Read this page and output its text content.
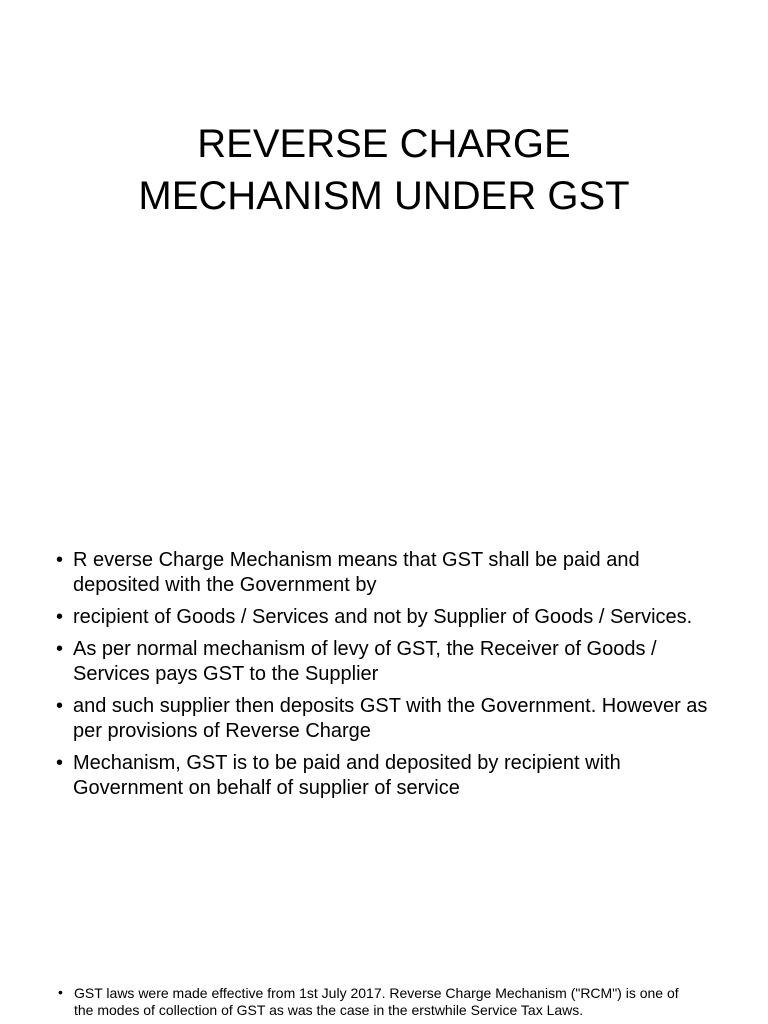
REVERSE CHARGE
MECHANISM UNDER GST
• R everse Charge Mechanism means that GST shall be paid and deposited with the Government by
• recipient of Goods / Services and not by Supplier of Goods / Services.
• As per normal mechanism of levy of GST, the Receiver of Goods / Services pays GST to the Supplier
• and such supplier then deposits GST with the Government. However as per provisions of Reverse Charge
• Mechanism, GST is to be paid and deposited by recipient with Government on behalf of supplier of service
• GST laws were made effective from 1st July 2017. Reverse Charge Mechanism ("RCM") is one of the modes of collection of GST as was the case in the erstwhile Service Tax Laws.
